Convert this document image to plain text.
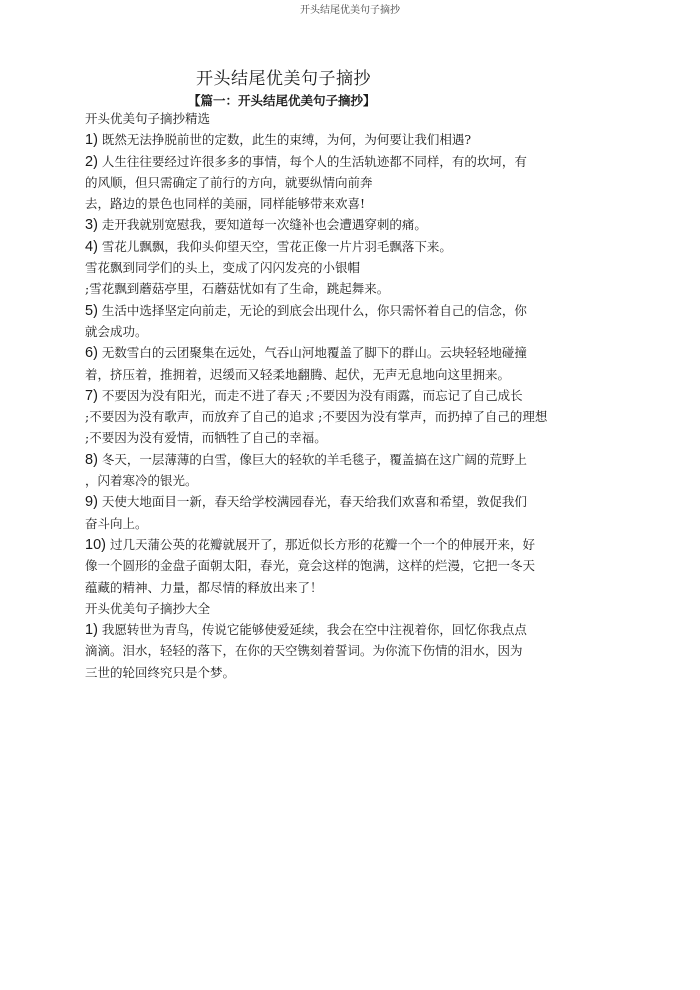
开头结尾优美句子摘抄
开头结尾优美句子摘抄
【篇一：开头结尾优美句子摘抄】
开头优美句子摘抄精选
1) 既然无法挣脱前世的定数，此生的束缚，为何，为何要让我们相遇?
2) 人生往往要经过许很多多的事情，每个人的生活轨迹都不同样，有的坎坷，有
的风顺，但只需确定了前行的方向，就要纵情向前奔
去，路边的景色也同样的美丽，同样能够带来欢喜!
3) 走开我就别宽慰我，要知道每一次缝补也会遭遇穿刺的痛。
4) 雪花儿飘飘，我仰头仰望天空，雪花正像一片片羽毛飘落下来。
雪花飘到同学们的头上，变成了闪闪发亮的小银帽
;雪花飘到蘑菇亭里，石蘑菇忧如有了生命，跳起舞来。
5) 生活中选择坚定向前走，无论的到底会出现什么，你只需怀着自己的信念，你
就会成功。
6) 无数雪白的云团聚集在远处，气吞山河地覆盖了脚下的群山。云块轻轻地碰撞
着，挤压着，推拥着，迟缓而又轻柔地翻腾、起伏，无声无息地向这里拥来。
7) 不要因为没有阳光，而走不进了春天 ;不要因为没有雨露，而忘记了自己成长
;不要因为没有歌声，而放弃了自己的追求 ;不要因为没有掌声，而扔掉了自己的理想
;不要因为没有爱情，而牺牲了自己的幸福。
8) 冬天，一层薄薄的白雪，像巨大的轻软的羊毛毯子，覆盖搞在这广阔的荒野上
，闪着寒冷的银光。
9) 天使大地面目一新，春天给学校满园春光，春天给我们欢喜和希望，敦促我们
奋斗向上。
10) 过几天蒲公英的花瓣就展开了，那近似长方形的花瓣一个一个的伸展开来，好
像一个圆形的金盘子面朝太阳，春光，竟会这样的饱满，这样的烂漫，它把一冬天
蕴藏的精神、力量，都尽情的释放出来了！
开头优美句子摘抄大全
1) 我愿转世为青鸟，传说它能够使爱延续，我会在空中注视着你，回忆你我点点
滴滴。泪水，轻轻的落下，在你的天空镌刻着誓词。为你流下伤情的泪水，因为
三世的轮回终究只是个梦。
